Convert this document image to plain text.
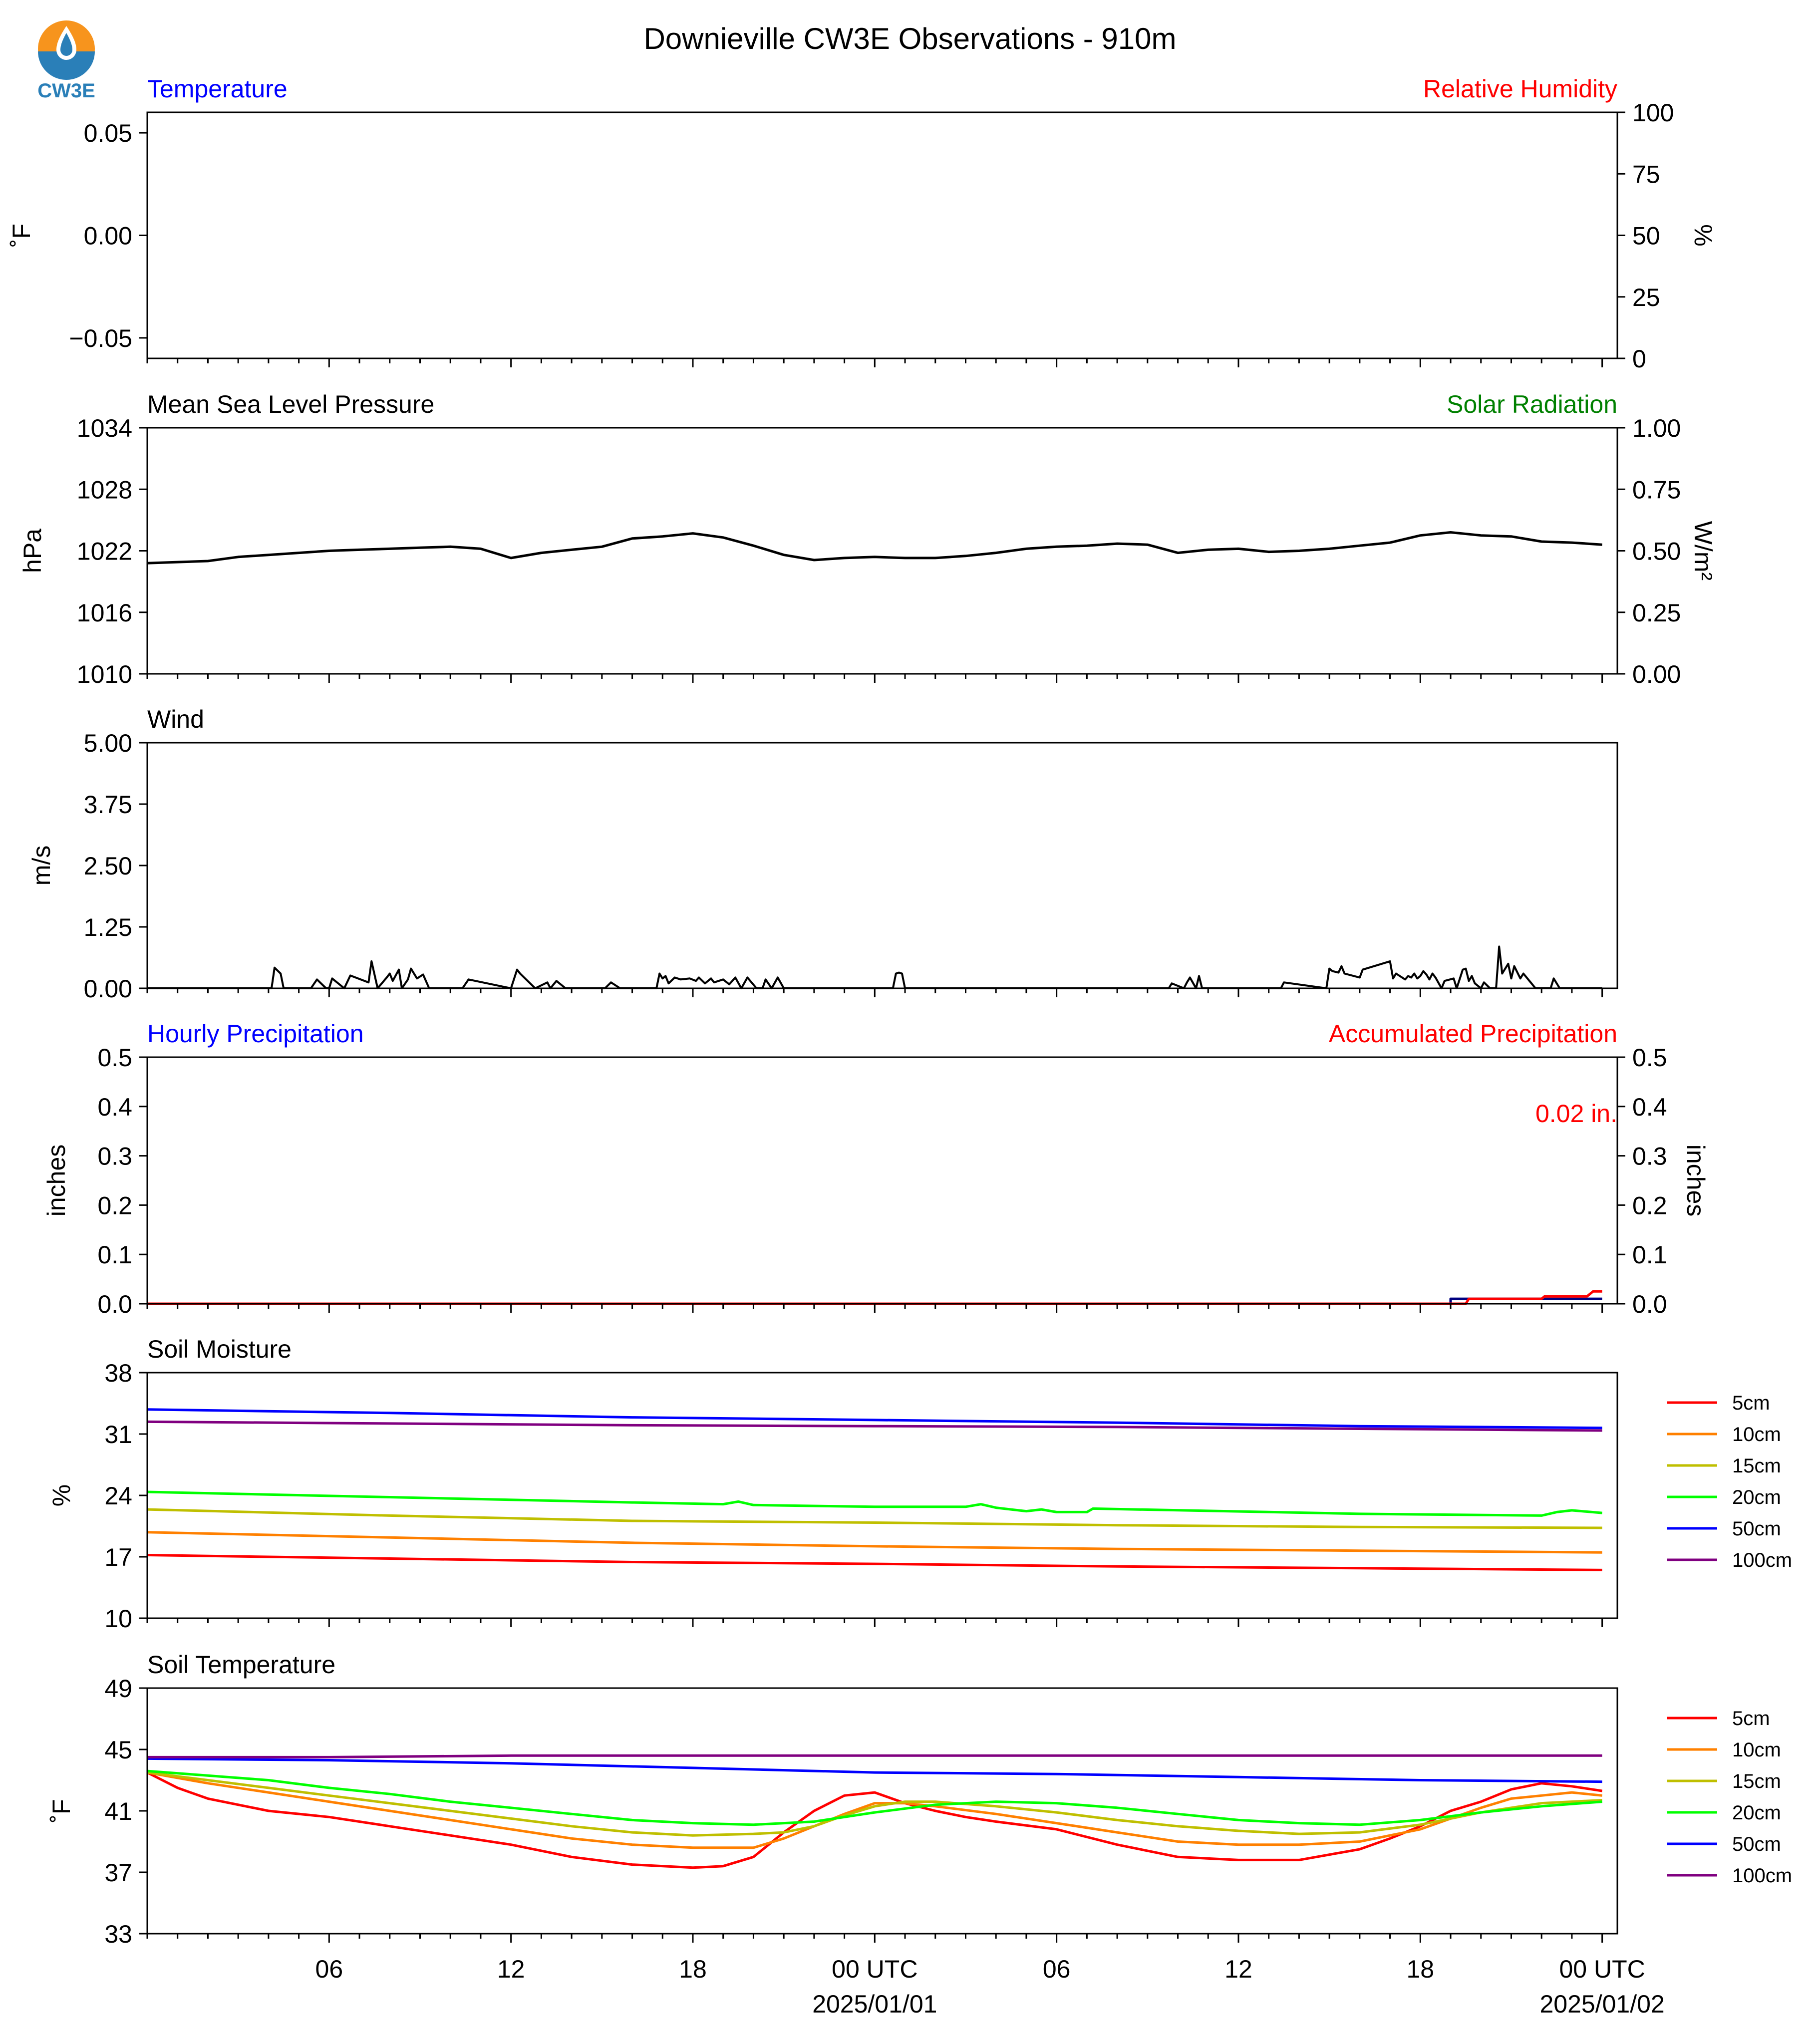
CW3E
Downieville CW3E Observations - 910m
0.05
0.00
−0.05
100
75
50
25
0
Temperature	Relative Humidity
˚F	%
1034
1028
1022
1016
1010
1.00
0.75
0.50
0.25
0.00
Mean Sea Level Pressure	Solar Radiation
hPa	W/m²
5.00
3.75
2.50
1.25
0.00
Wind
m/s
0.5
0.4
0.3
0.2
0.1
0.0
0.5
0.4
0.3
0.2
0.1
0.0
Hourly Precipitation	Accumulated Precipitation
inches	inches
0.02 in.
38
31
24
17
10
Soil Moisture
%
5cm
10cm
15cm
20cm
50cm
100cm
49
45
41
37
33
Soil Temperature
˚F
5cm
10cm
15cm
20cm
50cm
100cm
06	12	18	00 UTC	06	12	18	00 UTC
2025/01/01	2025/01/02
